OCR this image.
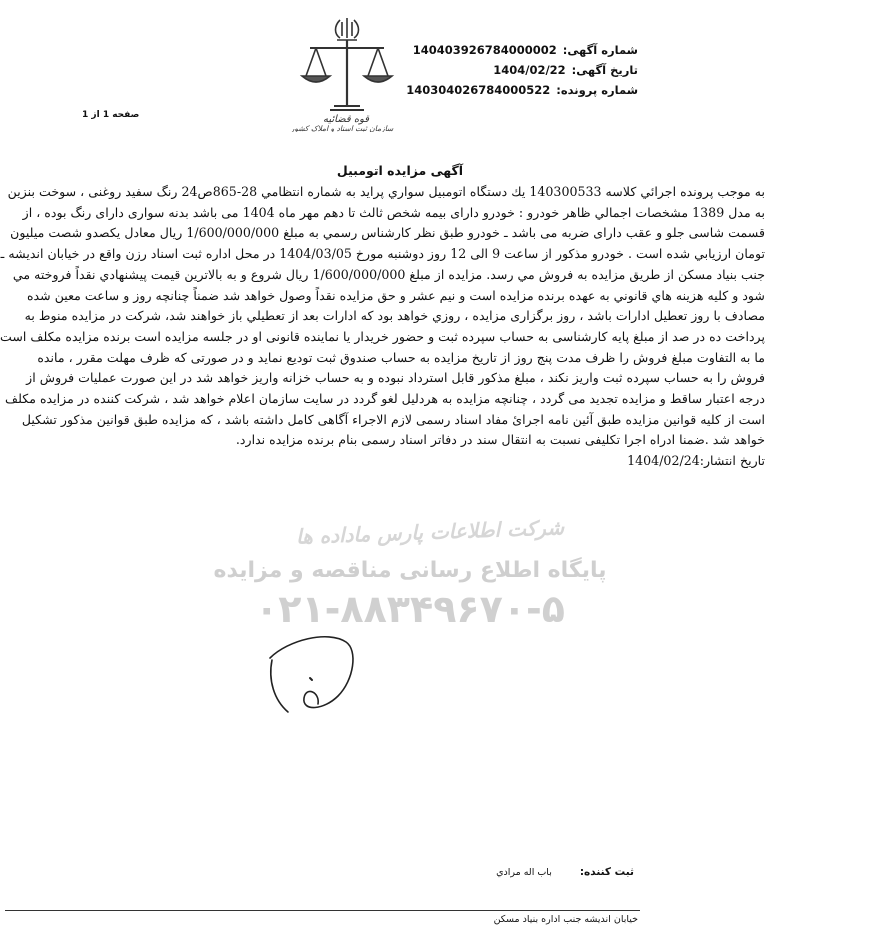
قوه قضائیه
سازمان ثبت اسناد و املاک کشور
شماره آگهی:140403926784000002
تاریخ آگهی:1404/02/22
شماره پرونده:140304026784000522
صفحه 1 از 1
آگهی مزایده اتومبیل

به موجب پرونده اجرائي کلاسه 140300533 يك دستگاه اتومبيل سواري پرايد به شماره انتظامي 28-865ص24 رنگ سفيد روغنی ، سوخت بنزین به مدل 1389 مشخصات اجمالي ظاهر خودرو : خودرو دارای بیمه شخص ثالث تا دهم مهر ماه 1404 می باشد بدنه سواری دارای رنگ بوده ، از قسمت شاسی جلو و عقب دارای ضربه می باشد ـ خودرو طبق نظر کارشناس رسمي به مبلغ 1/600/000/000 ریال معادل یکصدو شصت میلیون تومان ارزيابي شده است . خودرو مذکور از ساعت 9 الی 12 روز دوشنبه مورخ 1404/03/05 در محل اداره ثبت اسناد رزن واقع در خیابان اندیشه ـ جنب بنیاد مسکن از طريق مزايده به فروش مي رسد. مزايده از مبلغ 1/600/000/000 ريال شروع و به بالاترين قيمت پيشنهادي نقداً فروخته مي شود و كليه هزينه هاي قانوني به عهده برنده مزايده است و نیم عشر و حق مزایده نقداً وصول خواهد شد ضمناً چنانچه روز و ساعت معين شده مصادف با روز تعطيل ادارات باشد ، روز برگزاری مزایده ، روزي خواهد بود كه ادارات بعد از تعطيلي باز خواهند شد، شرکت در مزایده منوط به پرداخت ده در صد از مبلغ پایه کارشناسی به حساب سپرده ثبت و حضور خریدار یا نماینده قانونی او در جلسه مزایده است برنده مزایده مکلف است ما به التفاوت مبلغ فروش را ظرف مدت پنج روز از تاریخ مزایده به حساب صندوق ثبت تودیع نماید و در صورتی که ظرف مهلت مقرر ، مانده فروش را به حساب سپرده ثبت واریز نکند ، مبلغ مذکور قابل استرداد نبوده و به حساب خزانه واریز خواهد شد در این صورت عملیات فروش از درجه اعتبار ساقط و مزایده تجدید می گردد ، چنانچه مزایده به هردلیل لغو گردد در سایت سازمان اعلام خواهد شد ، شرکت کننده در مزایده مکلف است از کلیه قوانین مزایده طبق آئین نامه اجرائ مفاد اسناد رسمی لازم الاجراء آگاهی کامل داشته باشد ، که مزایده طبق قوانین مذکور تشکیل خواهد شد .ضمنا ادراه اجرا تکلیفی نسبت به انتقال سند در دفاتر اسناد رسمی بنام برنده مزایده ندارد.

تاریخ انتشار:1404/02/24

شرکت اطلاعات پارس ماداده ها
پایگاه اطلاع رسانی مناقصه و مزایده
۰۲۱-۸۸۳۴۹۶۷۰-۵
ثبت کننده:باب اله مرادي
خیابان اندیشه جنب اداره بنیاد مسکن
